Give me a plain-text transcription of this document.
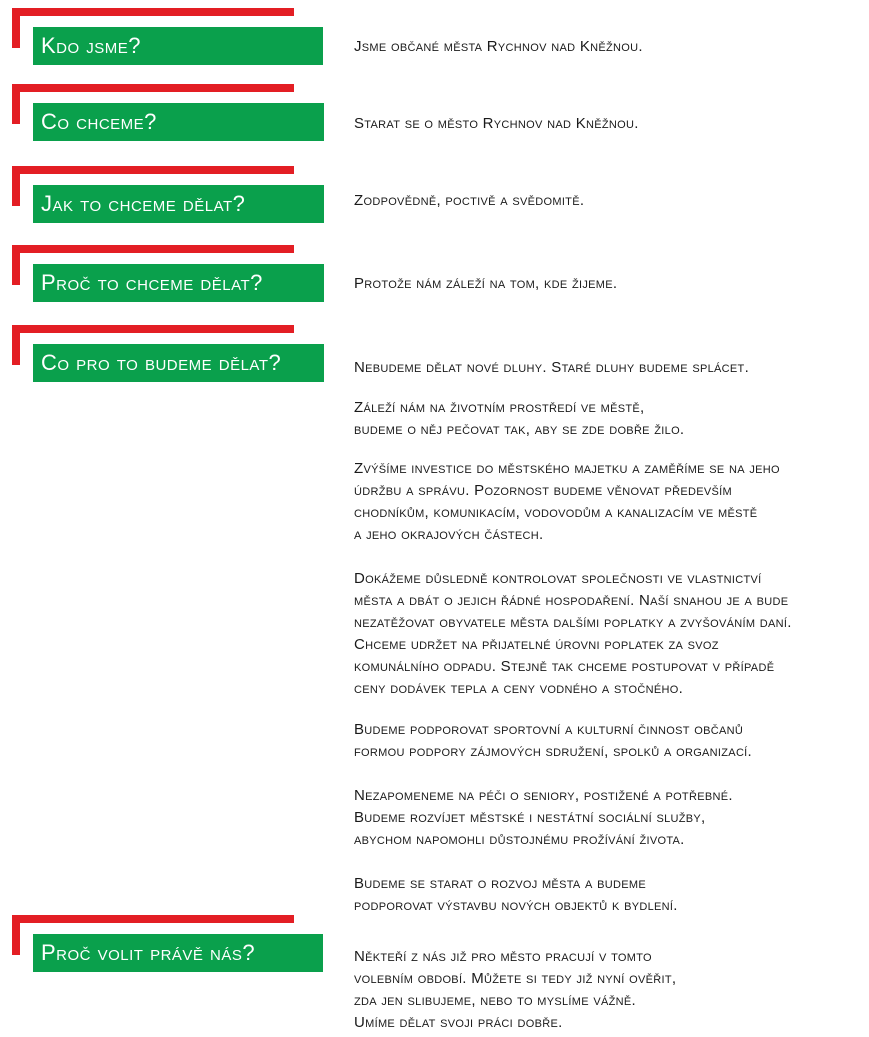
Kdo jsme?	Jsme občané města Rychnov nad Kněžnou.
Co chceme?	Starat se o město Rychnov nad Kněžnou.
Jak to chceme dělat?	Zodpovědně, poctivě a svědomitě.
Proč to chceme dělat?	Protože nám záleží na tom, kde žijeme.
Co pro to budeme dělat?	Nebudeme dělat nové dluhy. Staré dluhy budeme splácet.
Záleží nám na životním prostředí ve městě,
budeme o něj pečovat tak, aby se zde dobře žilo.
Zvýšíme investice do městského majetku a zaměříme se na jeho
údržbu a správu. Pozornost budeme věnovat především
chodníkům, komunikacím, vodovodům a kanalizacím ve městě
a jeho okrajových částech.
Dokážeme důsledně kontrolovat společnosti ve vlastnictví
města a dbát o jejich řádné hospodaření. Naší snahou je a bude
nezatěžovat obyvatele města dalšími poplatky a zvyšováním daní.
Chceme udržet na přijatelné úrovni poplatek za svoz
komunálního odpadu. Stejně tak chceme postupovat v případě
ceny dodávek tepla a ceny vodného a stočného.
Budeme podporovat sportovní a kulturní činnost občanů
formou podpory zájmových sdružení, spolků a organizací.
Nezapomeneme na péči o seniory, postižené a potřebné.
Budeme rozvíjet městské i nestátní sociální služby,
abychom napomohli důstojnému prožívání života.
Budeme se starat o rozvoj města a budeme
podporovat výstavbu nových objektů k bydlení.
Proč volit právě nás?	Někteří z nás již pro město pracují v tomto
volebním období. Můžete si tedy již nyní ověřit,
zda jen slibujeme, nebo to myslíme vážně.
Umíme dělat svoji práci dobře.
